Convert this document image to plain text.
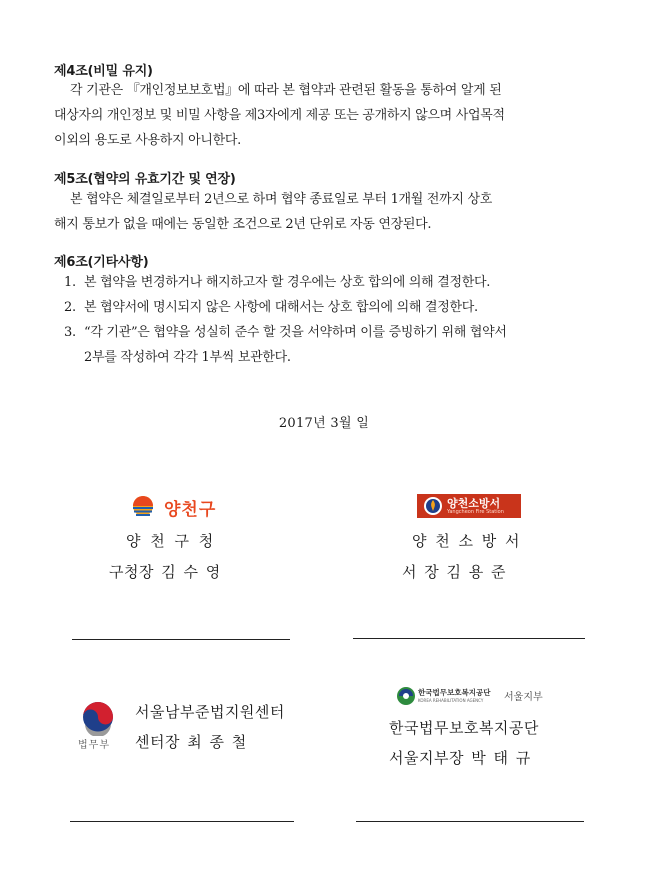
제4조(비밀 유지)
각 기관은 『개인정보보호법』에 따라 본 협약과 관련된 활동을 통하여 알게 된
대상자의 개인정보 및 비밀 사항을 제3자에게 제공 또는 공개하지 않으며 사업목적
이외의 용도로 사용하지 아니한다.
제5조(협약의 유효기간 및 연장)
본 협약은 체결일로부터 2년으로 하며 협약 종료일로 부터 1개월 전까지 상호
해지 통보가 없을 때에는 동일한 조건으로 2년 단위로 자동 연장된다.
제6조(기타사항)
1. 본 협약을 변경하거나 해지하고자 할 경우에는 상호 합의에 의해 결정한다.
2. 본 협약서에 명시되지 않은 사항에 대해서는 상호 합의에 의해 결정한다.
3. “각 기관”은 협약을 성실히 준수 할 것을 서약하며 이를 증빙하기 위해 협약서
2부를 작성하여 각각 1부씩 보관한다.
2017년 3월 일
양천구
양 천 구 청
구청장 김 수 영
양천소방서
Yangcheon Fire Station
양 천 소 방 서
서 장 김 용 준
법무부
서울남부준법지원센터
센터장 최 종 철
한국법무보호복지공단
KOREA REHABILITATION AGENCY 서울지부
한국법무보호복지공단
서울지부장 박 태 규
